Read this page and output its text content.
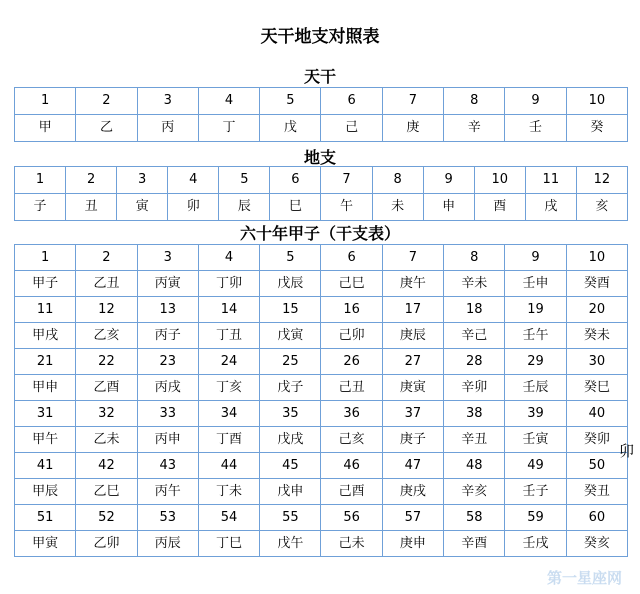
天干地支对照表
天干
1	2	3	4	5	6	7	8	9	10
甲	乙	丙	丁	戊	己	庚	辛	壬	癸
地支
1	2	3	4	5	6	7	8	9	10	11	12
子	丑	寅	卯	辰	巳	午	未	申	酉	戌	亥
六十年甲子（干支表）
1	2	3	4	5	6	7	8	9	10
甲子	乙丑	丙寅	丁卯	戊辰	己巳	庚午	辛未	壬申	癸酉
11	12	13	14	15	16	17	18	19	20
甲戌	乙亥	丙子	丁丑	戊寅	己卯	庚辰	辛己	壬午	癸未
21	22	23	24	25	26	27	28	29	30
甲申	乙酉	丙戌	丁亥	戊子	己丑	庚寅	辛卯	壬辰	癸巳
31	32	33	34	35	36	37	38	39	40
甲午	乙未	丙申	丁酉	戊戌	己亥	庚子	辛丑	壬寅	癸卯
41	42	43	44	45	46	47	48	49	50
甲辰	乙巳	丙午	丁未	戊申	己酉	庚戌	辛亥	壬子	癸丑
51	52	53	54	55	56	57	58	59	60
甲寅	乙卯	丙辰	丁巳	戊午	己未	庚申	辛酉	壬戌	癸亥
卯
第一星座网
